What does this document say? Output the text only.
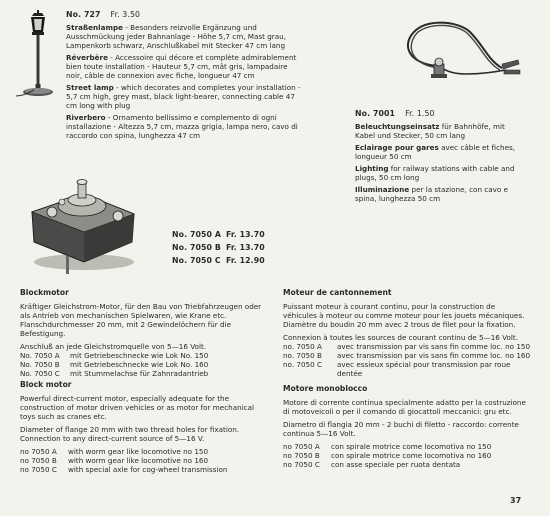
No. 727 Fr. 3.50

Straßenlampe - Besonders reizvolle Ergänzung und Ausschmückung jeder Bahnanlage - Höhe 5,7 cm, Mast grau, Lampenkorb schwarz, Anschlußkabel mit Stecker 47 cm lang

Réverbère - Accessoire qui décore et complète admirablement bien toute installation - Hauteur 5,7 cm, mât gris, lampadaire noir, câble de connexion avec fiche, longueur 47 cm

Street lamp - which decorates and completes your installation - 5,7 cm high, grey mast, black light-bearer, connecting cable 47 cm long with plug

Riverbero - Ornamento bellissimo e complemento di ogni installazione - Altezza 5,7 cm, mazza grigia, lampa nero, cavo di raccordo con spina, lunghezza 47 cm

No. 7001 Fr. 1.50

Beleuchtungseinsatz für Bahnhöfe, mit Kabel und Stecker, 50 cm lang

Eclairage pour gares avec câble et fiches, longueur 50 cm

Lighting for railway stations with cable and plugs, 50 cm long

Illuminazione per la stazione, con cavo e spina, lunghezza 50 cm

No. 7050 A Fr. 13.70
No. 7050 B Fr. 13.70
No. 7050 C Fr. 12.90
Blockmotor

Kräftiger Gleichstrom-Motor, für den Bau von Triebfahrzeugen oder als Antrieb von mechanischen Spielwaren, wie Krane etc. Flanschdurchmesser 20 mm, mit 2 Gewindelöchern für die Befestigung.

Anschluß an jede Gleichstromquelle von 5—16 Volt.

No. 7050 A mit Getriebeschnecke wie Lok No. 150
No. 7050 B mit Getriebeschnecke wie Lok No. 160
No. 7050 C mit Stummelachse für Zahnradantrieb
Block motor

Powerful direct-current motor, especially adequate for the construction of motor driven vehicles or as motor for mechanical toys such as cranes etc.

Diameter of flange 20 mm with two thread holes for fixation. Connection to any direct-current source of 5—16 V.

no 7050 A with worm gear like locomotive no 150
no 7050 B with worm gear like locomotive no 160
no 7050 C with special axle for cog-wheel transmission
Moteur de cantonnement

Puissant moteur à courant continu, pour la construction de véhicules à moteur ou comme moteur pour les jouets mécaniques. Diamètre du boudin 20 mm avec 2 trous de filet pour la fixation.

Connexion à toutes les sources de courant continu de 5—16 Volt.

no. 7050 A avec transmission par vis sans fin comme loc. no 150
no. 7050 B avec transmission par vis sans fin comme loc. no 160
no. 7050 C avec essieux spécial pour transmission par roue
dentée
Motore monoblocco

Motore di corrente continua specialmente adatto per la costruzione di motoveicoli o per il comando di giocattoli meccanici: gru etc.

Diametro di flangia 20 mm - 2 buchi di filetto - raccordo: corrente continua 5—16 Volt.

no 7050 A con spirale motrice come locomotiva no 150
no 7050 B con spirale motrice come locomotiva no 160
no 7050 C con asse speciale per ruota dentata
37
